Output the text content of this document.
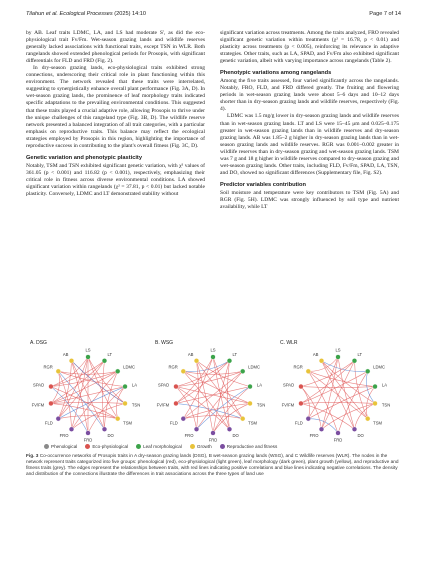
Tilahun et al. Ecological Processes (2025) 14:10	Page 7 of 14

by AB. Leaf traits LDMC, LA, and LS had moderate S', as did the eco-physiological trait Fv/Fm. Wet-season grazing lands and wildlife reserves generally lacked associations with functional traits, except TSN in WLR. Both rangelands showed extended phenological periods for Prosopis, with significant differentials for FLD and FRD (Fig. 2).

In dry-season grazing lands, eco-physiological traits exhibited strong connections, underscoring their critical role in plant functioning within this environment. The network revealed that these traits were interrelated, suggesting to synergistically enhance overall plant performance (Fig. 3A, D). In wet-season grazing lands, the prominence of leaf morphology traits indicated specific adaptations to the prevailing environmental conditions. This suggested that these traits played a crucial adaptive role, allowing Prosopis to thrive under the unique challenges of this rangeland type (Fig. 3B, D). The wildlife reserve network presented a balanced integration of all trait categories, with a particular emphasis on reproductive traits. This balance may reflect the ecological strategies employed by Prosopis in this region, highlighting the importance of reproductive success in contributing to the plant's overall fitness (Fig. 3C, D).

Genetic variation and phenotypic plasticity

Notably, TSM and TSN exhibited significant genetic variation, with χ² values of 361.05 (p < 0.001) and 116.82 (p < 0.001), respectively, emphasizing their critical role in fitness across diverse environmental conditions. LA showed significant variation within rangelands (χ² = 37.81, p < 0.01) but lacked notable plasticity. Conversely, LDMC and LT demonstrated stability without

significant variation across treatments. Among the traits analyzed, FRO revealed significant genetic variation within treatments (χ² = 16.78, p < 0.01) and plasticity across treatments (p < 0.005), reinforcing its relevance in adaptive strategies. Other traits, such as LA, SPAD, and Fv/Fm also exhibited significant genetic variation, albeit with varying importance across rangelands (Table 2).

Phenotypic variations among rangelands

Among the five traits assessed, four varied significantly across the rangelands. Notably, FRO, FLD, and FRD differed greatly. The fruiting and flowering periods in wet-season grazing lands were about 5–6 days and 10–12 days shorter than in dry-season grazing lands and wildlife reserves, respectively (Fig. 4).

LDMC was 1.5 mg/g lower in dry-season grazing lands and wildlife reserves than in wet-season grazing lands. LT and LS were 15–45 μm and 0.025–0.175 greater in wet-season grazing lands than in wildlife reserves and dry-season grazing lands. AB was 1.85–2 g higher in dry-season grazing lands than in wet-season grazing lands and wildlife reserves. RGR was 0.001–0.002 greater in wildlife reserves than in dry-season grazing and wet-season grazing lands. TSM was 7 g and 18 g higher in wildlife reserves compared to dry-season grazing and wet-season grazing lands. Other traits, including FLD, Fv/Fm, SPAD, LA, TSN, and DO, showed no significant differences (Supplementary file, Fig. S2).

Predictor variables contribution

Soil moisture and temperature were key contributors to TSM (Fig. 5A) and RGR (Fig. 5H). LDMC was strongly influenced by soil type and nutrient availability, while LT

A. DSG
LS
LT
LDMC
LA
TSN
TSM
DO
FRD
FRO
FLD
FV/FM
SPAD
RGR
AB
B. WSG
LS
LT
LDMC
LA
TSN
TSM
DO
FRD
FRO
FLD
FV/FM
SPAD
RGR
AB
C. WLR
LS
LT
LDMC
LA
TSN
TSM
DO
FRD
FRO
FLD
FV/FM
SPAD
RGR
AB
Phenological	Eco-physiological	Leaf morphological	Growth	Reproductive and fitness
Fig. 3 Co-occurrence networks of Prosopis traits in A dry-season grazing lands (DSG), B wet-season grazing lands (WSG), and C Wildlife reserves (WLR). The nodes in the network represent traits categorized into five groups: phenological (red), eco-physiological (light green), leaf morphology (dark green), plant growth (yellow), and reproductive and fitness traits (grey). The edges represent the relationships between traits, with red lines indicating positive correlations and blue lines indicating negative correlations. The density and distribution of the connections illustrate the differences in trait associations across the three types of land use
